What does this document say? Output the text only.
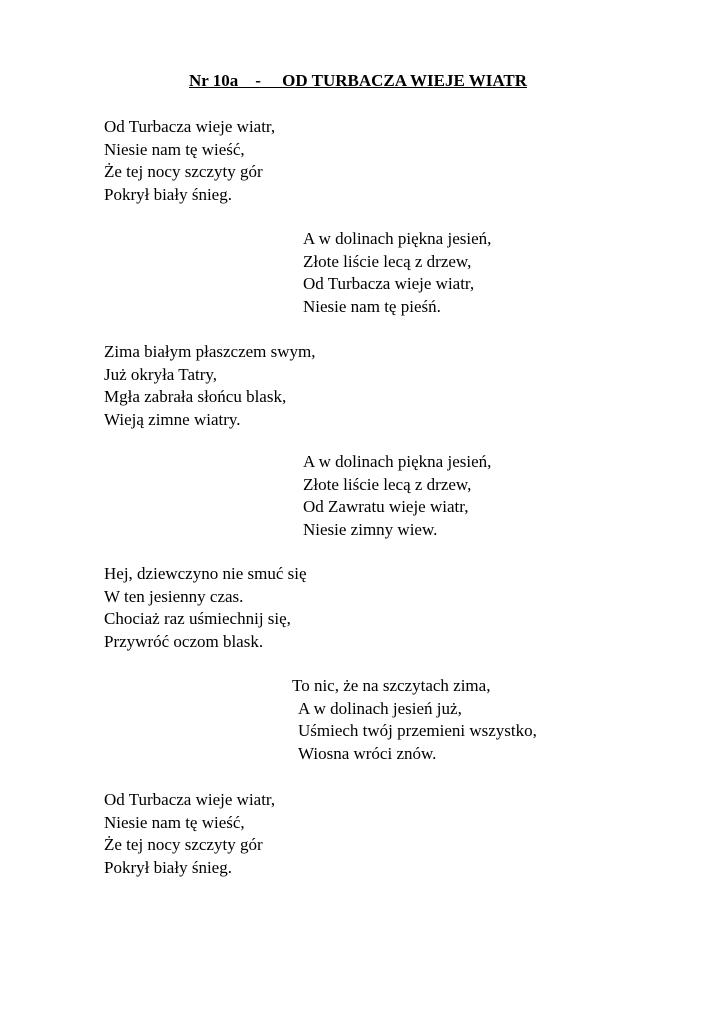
Nr 10a    -     OD TURBACZA WIEJE WIATR
Od Turbacza wieje wiatr,
Niesie nam tę wieść,
Że tej nocy szczyty gór
Pokrył biały śnieg.
A w dolinach piękna jesień,
Złote liście lecą z drzew,
Od Turbacza wieje wiatr,
Niesie nam tę pieśń.
Zima białym płaszczem swym,
Już okryła Tatry,
Mgła zabrała słońcu blask,
Wieją zimne wiatry.
A w dolinach piękna jesień,
Złote liście lecą z drzew,
Od Zawratu wieje wiatr,
Niesie zimny wiew.
Hej, dziewczyno nie smuć się
W ten jesienny czas.
Chociaż raz uśmiechnij się,
Przywróć oczom blask.
To nic, że na szczytach zima,
A w dolinach jesień już,
Uśmiech twój przemieni wszystko,
Wiosna wróci znów.
Od Turbacza wieje wiatr,
Niesie nam tę wieść,
Że tej nocy szczyty gór
Pokrył biały śnieg.
